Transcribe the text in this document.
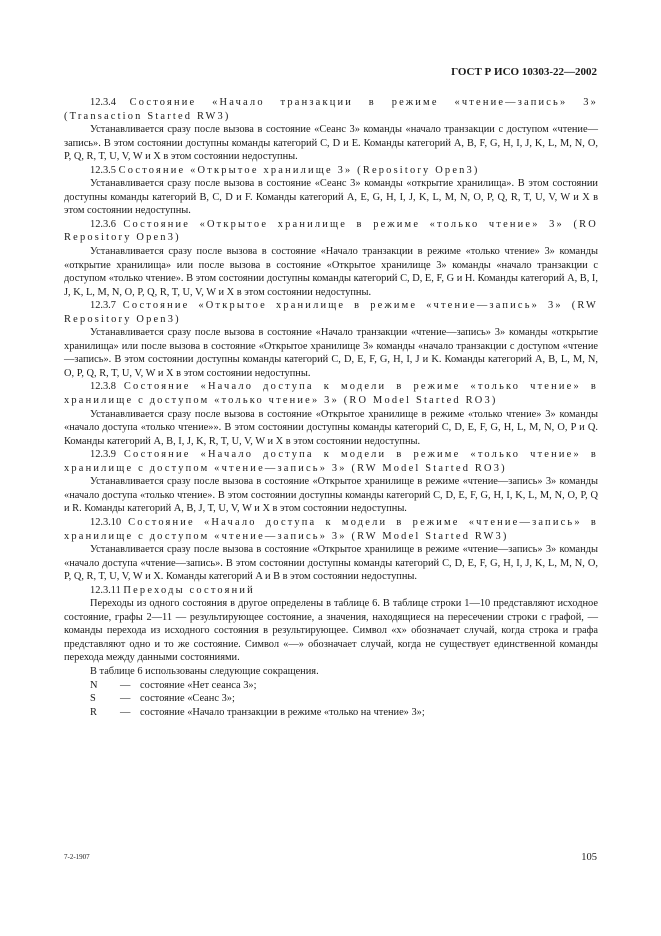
ГОСТ Р ИСО 10303-22—2002

12.3.4 Состояние «Начало транзакции в режиме «чтение—запись» 3» (Transaction Started RW3)

Устанавливается сразу после вызова в состояние «Сеанс 3» команды «начало транзакции с доступом «чтение—запись». В этом состоянии доступны команды категорий C, D и E. Команды категорий A, B, F, G, H, I, J, K, L, M, N, O, P, Q, R, T, U, V, W и X в этом состоянии недоступны.

12.3.5 Состояние «Открытое хранилище 3» (Repository Open3)

Устанавливается сразу после вызова в состояние «Сеанс 3» команды «открытие хранилища». В этом состоянии доступны команды категорий B, C, D и F. Команды категорий A, E, G, H, I, J, K, L, M, N, O, P, Q, R, T, U, V, W и X в этом состоянии недоступны.

12.3.6 Состояние «Открытое хранилище в режиме «только чтение» 3» (RO Repository Open3)

Устанавливается сразу после вызова в состояние «Начало транзакции в режиме «только чтение» 3» команды «открытие хранилища» или после вызова в состояние «Открытое хранилище 3» команды «начало транзакции с доступом «только чтение». В этом состоянии доступны команды категорий C, D, E, F, G и H. Команды категорий A, B, I, J, K, L, M, N, O, P, Q, R, T, U, V, W и X в этом состоянии недоступны.

12.3.7 Состояние «Открытое хранилище в режиме «чтение—запись» 3» (RW Repository Open3)

Устанавливается сразу после вызова в состояние «Начало транзакции «чтение—запись» 3» команды «открытие хранилища» или после вызова в состояние «Открытое хранилище 3» команды «начало транзакции с доступом «чтение—запись». В этом состоянии доступны команды категорий C, D, E, F, G, H, I, J и K. Команды категорий A, B, L, M, N, O, P, Q, R, T, U, V, W и X в этом состоянии недоступны.

12.3.8 Состояние «Начало доступа к модели в режиме «только чтение» в хранилище с доступом «только чтение» 3» (RO Model Started RO3)

Устанавливается сразу после вызова в состояние «Открытое хранилище в режиме «только чтение» 3» команды «начало доступа «только чтение»». В этом состоянии доступны команды категорий C, D, E, F, G, H, L, M, N, O, P и Q. Команды категорий A, B, I, J, K, R, T, U, V, W и X в этом состоянии недоступны.

12.3.9 Состояние «Начало доступа к модели в режиме «только чтение» в хранилище с доступом «чтение—запись» 3» (RW Model Started RO3)

Устанавливается сразу после вызова в состояние «Открытое хранилище в режиме «чтение—запись» 3» команды «начало доступа «только чтение». В этом состоянии доступны команды категорий C, D, E, F, G, H, I, K, L, M, N, O, P, Q и R. Команды категорий A, B, J, T, U, V, W и X в этом состоянии недоступны.

12.3.10 Состояние «Начало доступа к модели в режиме «чтение—запись» в хранилище с доступом «чтение—запись» 3» (RW Model Started RW3)

Устанавливается сразу после вызова в состояние «Открытое хранилище в режиме «чтение—запись» 3» команды «начало доступа «чтение—запись». В этом состоянии доступны команды категорий C, D, E, F, G, H, I, J, K, L, M, N, O, P, Q, R, T, U, V, W и X. Команды категорий A и B в этом состоянии недоступны.

12.3.11 Переходы состояний

Переходы из одного состояния в другое определены в таблице 6. В таблице строки 1—10 представляют исходное состояние, графы 2—11 — результирующее состояние, а значения, находящиеся на пересечении строки с графой, — команды перехода из исходного состояния в результирующее. Символ «x» обозначает случай, когда строка и графа представляют одно и то же состояние. Символ «—» обозначает случай, когда не существует единственной команды перехода между данными состояниями.

В таблице 6 использованы следующие сокращения.

N — состояние «Нет сеанса 3»;

S — состояние «Сеанс 3»;

R — состояние «Начало транзакции в режиме «только на чтение» 3»;

7-2-1907	105
